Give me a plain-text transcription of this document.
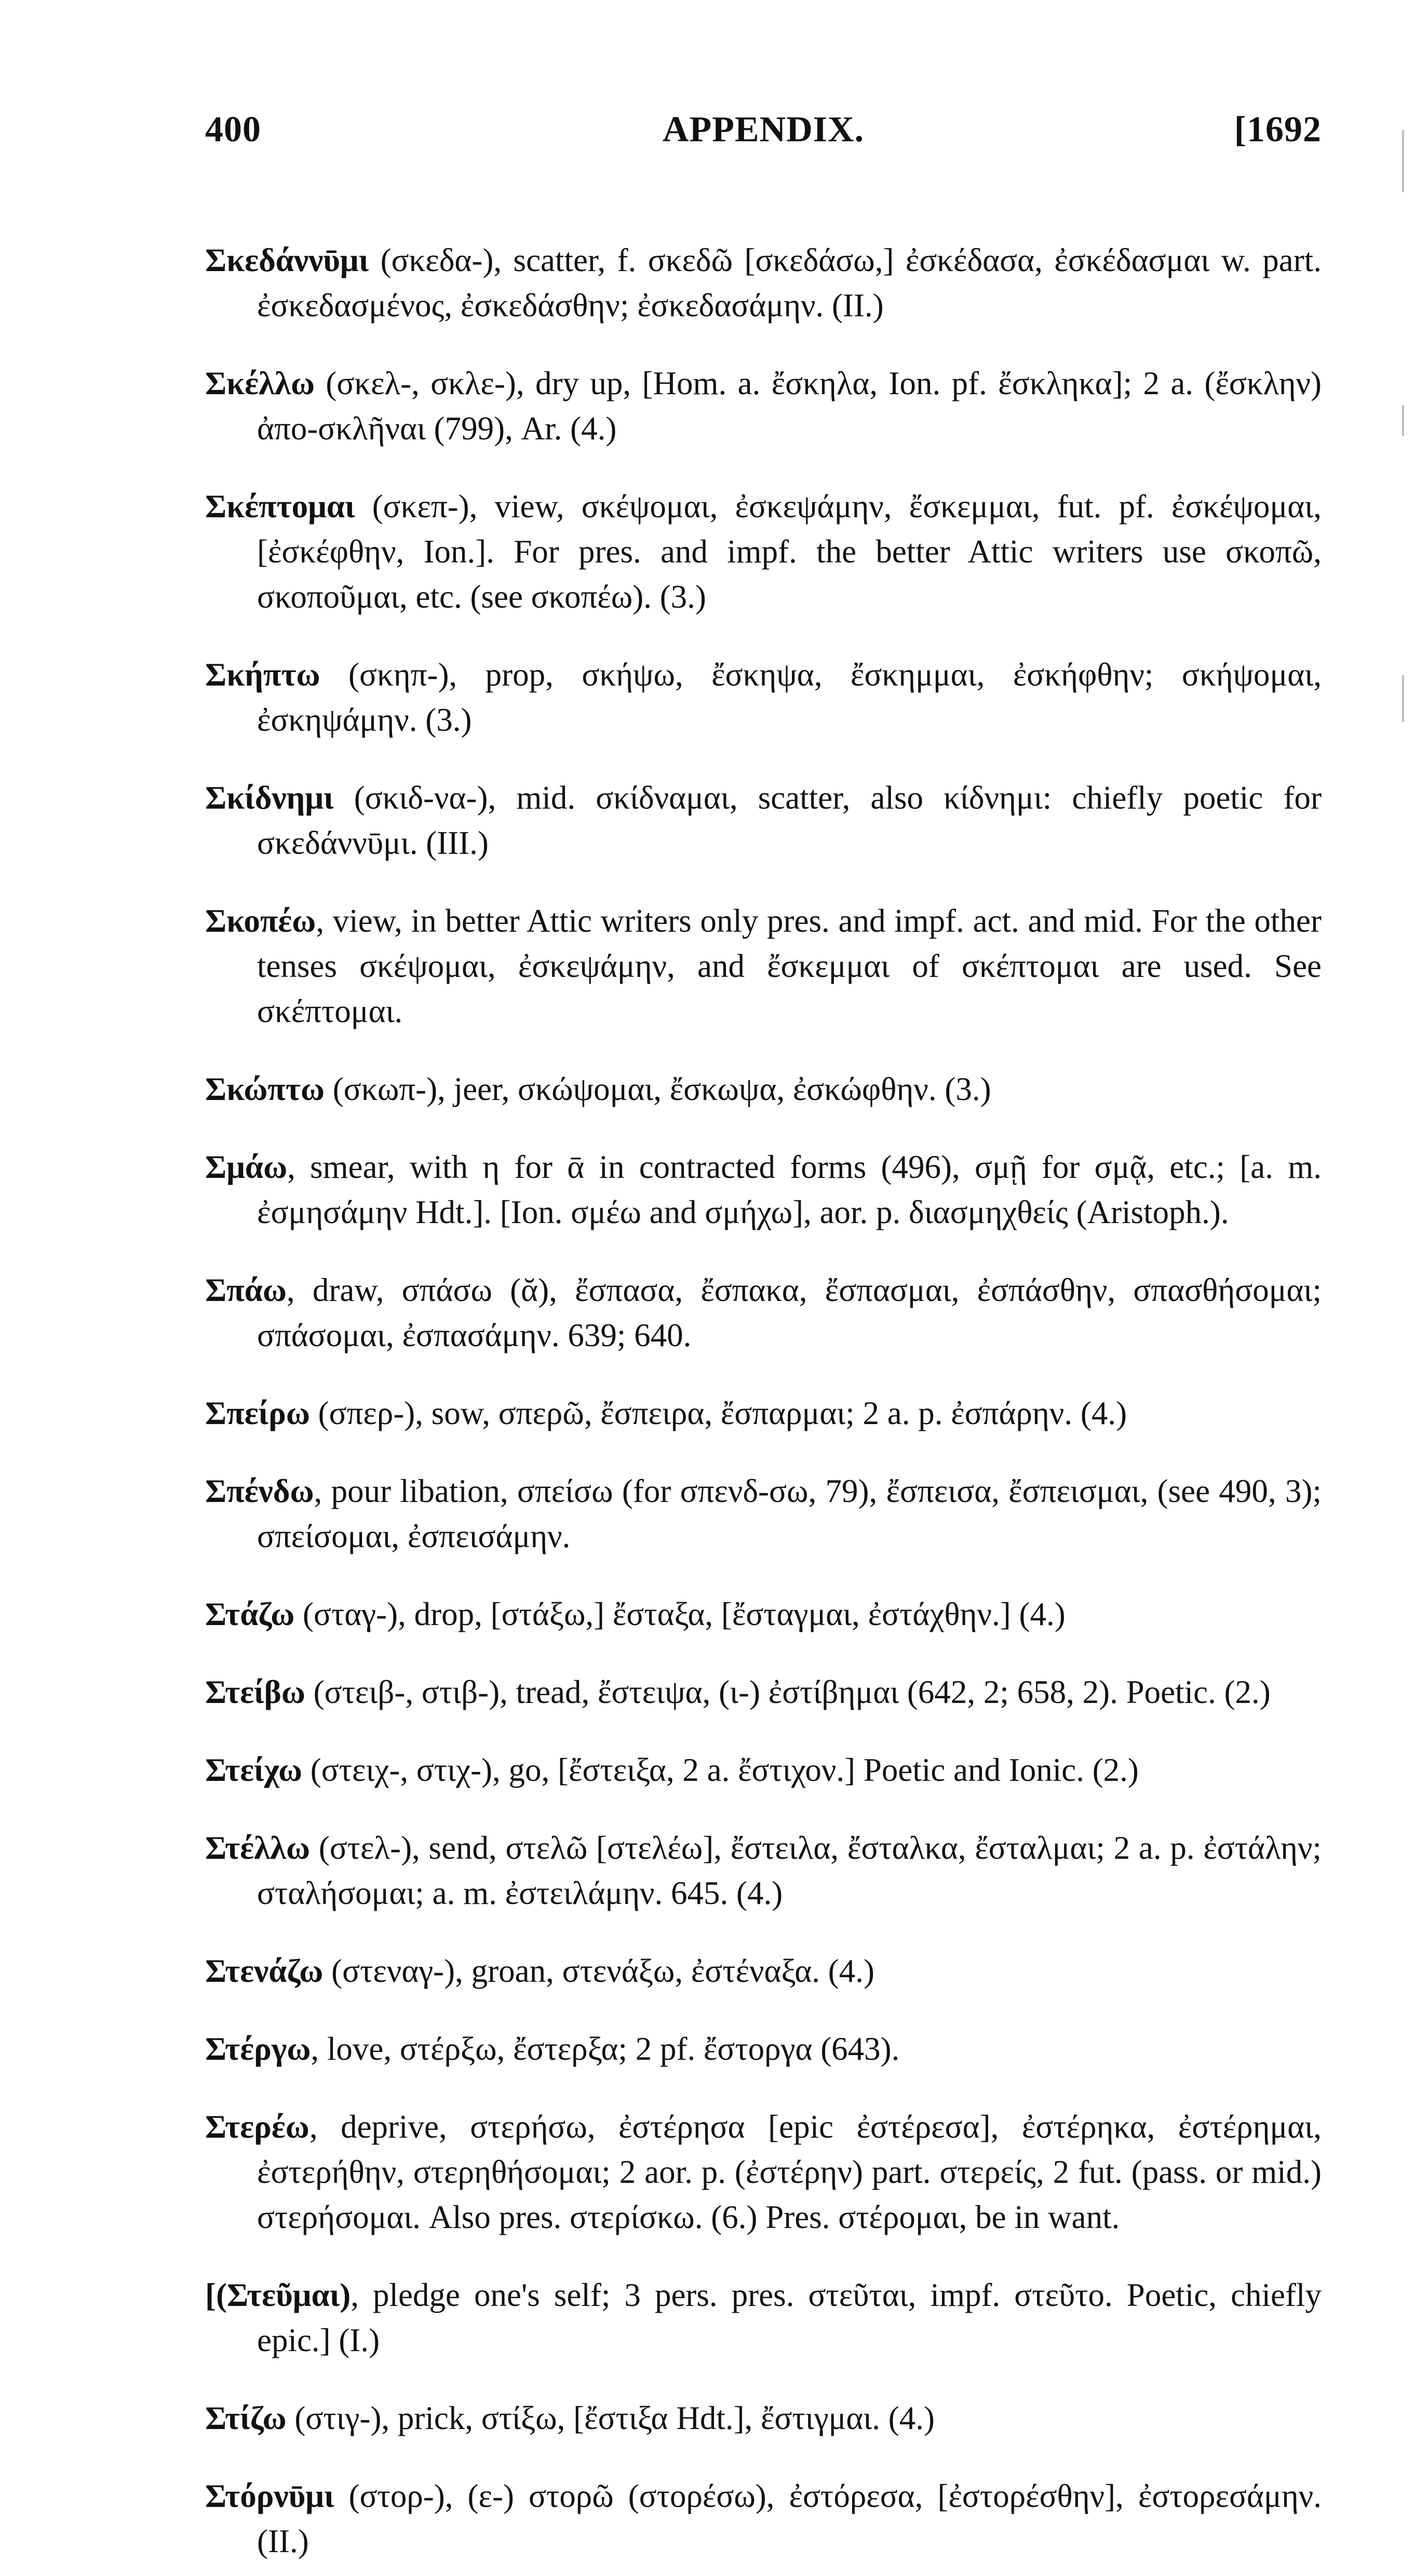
400	APPENDIX.	[1692

Σκεδάννῡμι (σκεδα-), scatter, f. σκεδῶ [σκεδάσω,] ἐσκέδασα, ἐσκέδασμαι w. part. ἐσκεδασμένος, ἐσκεδάσθην; ἐσκεδασάμην. (II.)

Σκέλλω (σκελ-, σκλε-), dry up, [Hom. a. ἔσκηλα, Ion. pf. ἔσκληκα]; 2 a. (ἔσκλην) ἀπο-σκλῆναι (799), Ar. (4.)

Σκέπτομαι (σκεπ-), view, σκέψομαι, ἐσκεψάμην, ἔσκεμμαι, fut. pf. ἐσκέψομαι, [ἐσκέφθην, Ion.]. For pres. and impf. the better Attic writers use σκοπῶ, σκοποῦμαι, etc. (see σκοπέω). (3.)

Σκήπτω (σκηπ-), prop, σκήψω, ἔσκηψα, ἔσκημμαι, ἐσκήφθην; σκήψομαι, ἐσκηψάμην. (3.)

Σκίδνημι (σκιδ-να-), mid. σκίδναμαι, scatter, also κίδνημι: chiefly poetic for σκεδάννῡμι. (III.)

Σκοπέω, view, in better Attic writers only pres. and impf. act. and mid. For the other tenses σκέψομαι, ἐσκεψάμην, and ἔσκεμμαι of σκέπτομαι are used. See σκέπτομαι.

Σκώπτω (σκωπ-), jeer, σκώψομαι, ἔσκωψα, ἐσκώφθην. (3.)

Σμάω, smear, with η for ᾱ in contracted forms (496), σμῇ for σμᾷ, etc.; [a. m. ἐσμησάμην Hdt.]. [Ion. σμέω and σμήχω], aor. p. διασμηχθείς (Aristoph.).

Σπάω, draw, σπάσω (ᾰ), ἔσπασα, ἔσπακα, ἔσπασμαι, ἐσπάσθην, σπασθήσομαι; σπάσομαι, ἐσπασάμην. 639; 640.

Σπείρω (σπερ-), sow, σπερῶ, ἔσπειρα, ἔσπαρμαι; 2 a. p. ἐσπάρην. (4.)

Σπένδω, pour libation, σπείσω (for σπενδ-σω, 79), ἔσπεισα, ἔσπεισμαι, (see 490, 3); σπείσομαι, ἐσπεισάμην.

Στάζω (σταγ-), drop, [στάξω,] ἔσταξα, [ἔσταγμαι, ἐστάχθην.] (4.)

Στείβω (στειβ-, στιβ-), tread, ἔστειψα, (ι-) ἐστίβημαι (642, 2; 658, 2). Poetic. (2.)

Στείχω (στειχ-, στιχ-), go, [ἔστειξα, 2 a. ἔστιχον.] Poetic and Ionic. (2.)

Στέλλω (στελ-), send, στελῶ [στελέω], ἔστειλα, ἔσταλκα, ἔσταλμαι; 2 a. p. ἐστάλην; σταλήσομαι; a. m. ἐστειλάμην. 645. (4.)

Στενάζω (στεναγ-), groan, στενάξω, ἐστέναξα. (4.)

Στέργω, love, στέρξω, ἔστερξα; 2 pf. ἔστοργα (643).

Στερέω, deprive, στερήσω, ἐστέρησα [epic ἐστέρεσα], ἐστέρηκα, ἐστέρημαι, ἐστερήθην, στερηθήσομαι; 2 aor. p. (ἐστέρην) part. στερείς, 2 fut. (pass. or mid.) στερήσομαι. Also pres. στερίσκω. (6.) Pres. στέρομαι, be in want.

[(Στεῦμαι), pledge one's self; 3 pers. pres. στεῦται, impf. στεῦτο. Poetic, chiefly epic.] (I.)

Στίζω (στιγ-), prick, στίξω, [ἔστιξα Hdt.], ἔστιγμαι. (4.)

Στόρνῡμι (στορ-), (ε-) στορῶ (στορέσω), ἐστόρεσα, [ἐστορέσθην], ἐστορεσάμην. (II.)
